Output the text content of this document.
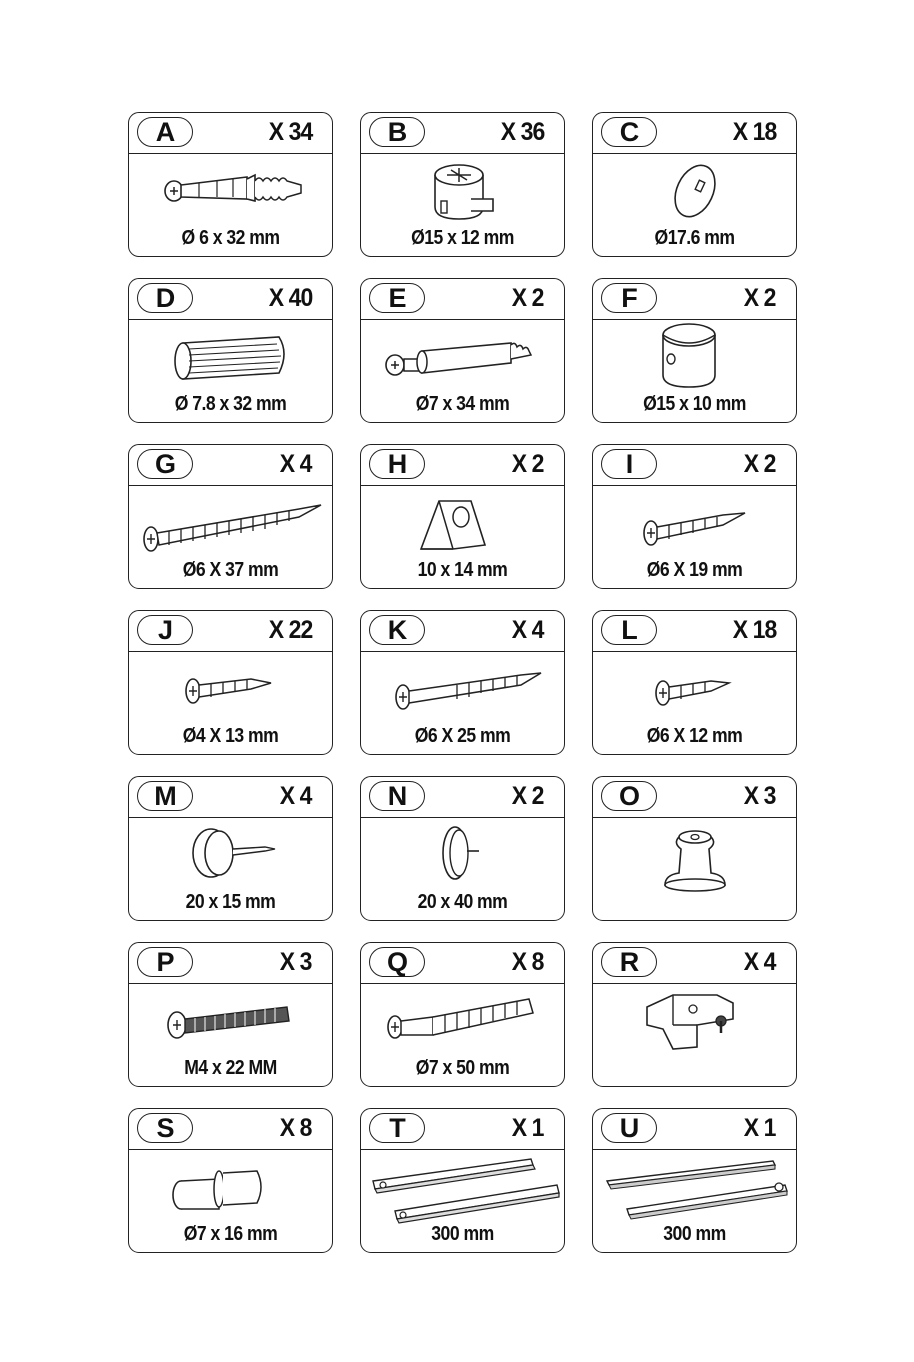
A	X 34
Ø 6 x 32 mm
B	X 36
Ø15 x 12 mm
C	X 18
Ø17.6 mm
D	X 40
Ø 7.8 x 32 mm
E	X 2
Ø7 x 34 mm
F	X 2
Ø15 x 10 mm
G	X 4
Ø6 X 37 mm
H	X 2
10 x 14 mm
I	X 2
Ø6 X 19 mm
J	X 22
Ø4 X 13 mm
K	X 4
Ø6 X 25 mm
L	X 18
Ø6 X 12 mm
M	X 4
20 x 15 mm
N	X 2
20 x 40 mm
O	X 3
P	X 3
M4 x 22 MM
Q	X 8
Ø7 x 50 mm
R	X 4
S	X 8
Ø7 x 16 mm
T	X 1
300 mm
U	X 1
300 mm
